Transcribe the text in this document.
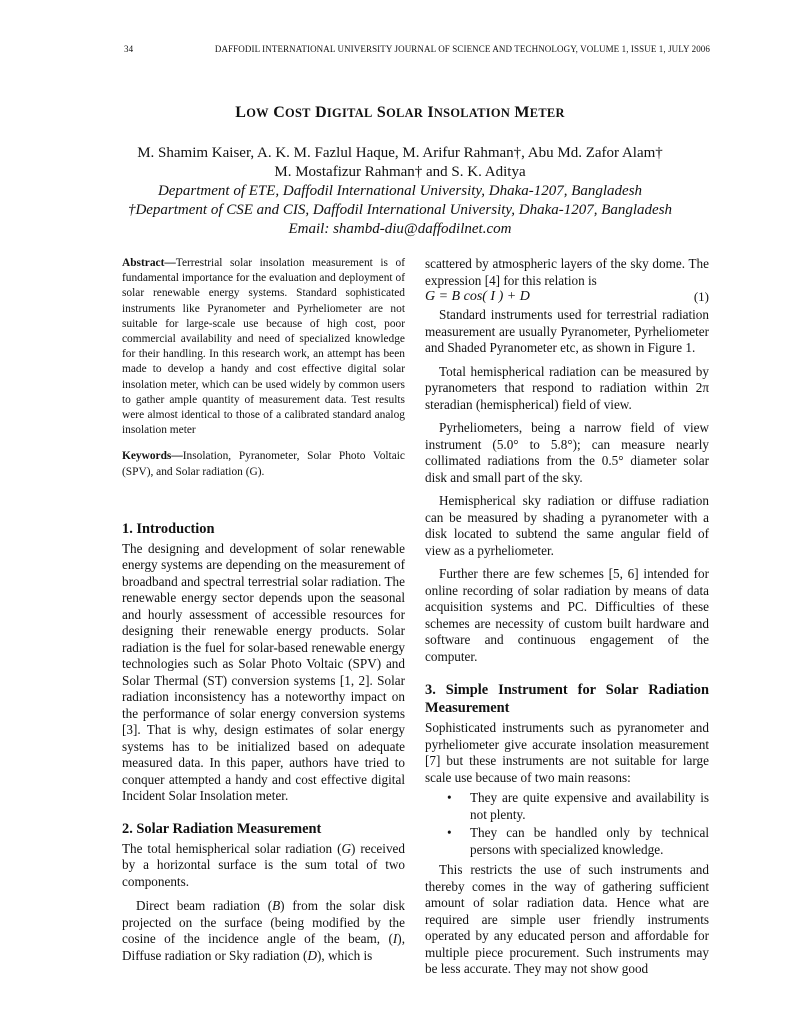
34	DAFFODIL INTERNATIONAL UNIVERSITY JOURNAL OF SCIENCE AND TECHNOLOGY, VOLUME 1, ISSUE 1, JULY 2006
LOW COST DIGITAL SOLAR INSOLATION METER
M. Shamim Kaiser, A. K. M. Fazlul Haque, M. Arifur Rahman†, Abu Md. Zafor Alam†
M. Mostafizur Rahman† and S. K. Aditya
Department of ETE, Daffodil International University, Dhaka-1207, Bangladesh
†Department of CSE and CIS, Daffodil International University, Dhaka-1207, Bangladesh
Email: shambd-diu@daffodilnet.com

Abstract—Terrestrial solar insolation measurement is of fundamental importance for the evaluation and deployment of solar renewable energy systems. Standard sophisticated instruments like Pyranometer and Pyrheliometer are not suitable for large-scale use because of high cost, poor commercial availability and need of specialized knowledge for their handling. In this research work, an attempt has been made to develop a handy and cost effective digital solar insolation meter, which can be used widely by common users to gather ample quantity of measurement data. Test results were almost identical to those of a calibrated standard analog insolation meter

Keywords—Insolation, Pyranometer, Solar Photo Voltaic (SPV), and Solar radiation (G).

1. Introduction

The designing and development of solar renewable energy systems are depending on the measurement of broadband and spectral terrestrial solar radiation. The renewable energy sector depends upon the seasonal and hourly assessment of accessible resources for designing their renewable energy products. Solar radiation is the fuel for solar-based renewable energy technologies such as Solar Photo Voltaic (SPV) and Solar Thermal (ST) conversion systems [1, 2]. Solar radiation inconsistency has a noteworthy impact on the performance of solar energy conversion systems [3]. That is why, design estimates of solar energy systems has to be initialized based on adequate measured data. In this paper, authors have tried to conquer attempted a handy and cost effective digital Incident Solar Insolation meter.

2. Solar Radiation Measurement

The total hemispherical solar radiation (G) received by a horizontal surface is the sum total of two components.

Direct beam radiation (B) from the solar disk projected on the surface (being modified by the cosine of the incidence angle of the beam, (I), Diffuse radiation or Sky radiation (D), which is

scattered by atmospheric layers of the sky dome. The expression [4] for this relation is

G = B cos( I ) + D	(1)

Standard instruments used for terrestrial radiation measurement are usually Pyranometer, Pyrheliometer and Shaded Pyranometer etc, as shown in Figure 1.

Total hemispherical radiation can be measured by pyranometers that respond to radiation within 2π steradian (hemispherical) field of view.

Pyrheliometers, being a narrow field of view instrument (5.0° to 5.8°); can measure nearly collimated radiations from the 0.5° diameter solar disk and small part of the sky.

Hemispherical sky radiation or diffuse radiation can be measured by shading a pyranometer with a disk located to subtend the same angular field of view as a pyrheliometer.

Further there are few schemes [5, 6] intended for online recording of solar radiation by means of data acquisition systems and PC. Difficulties of these schemes are necessity of custom built hardware and software and continuous engagement of the computer.

3. Simple Instrument for Solar Radiation Measurement

Sophisticated instruments such as pyranometer and pyrheliometer give accurate insolation measurement [7] but these instruments are not suitable for large scale use because of two main reasons:

• They are quite expensive and availability is not plenty.
• They can be handled only by technical persons with specialized knowledge.

This restricts the use of such instruments and thereby comes in the way of gathering sufficient amount of solar radiation data. Hence what are required are simple user friendly instruments operated by any educated person and affordable for multiple piece procurement. Such instruments may be less accurate. They may not show good
